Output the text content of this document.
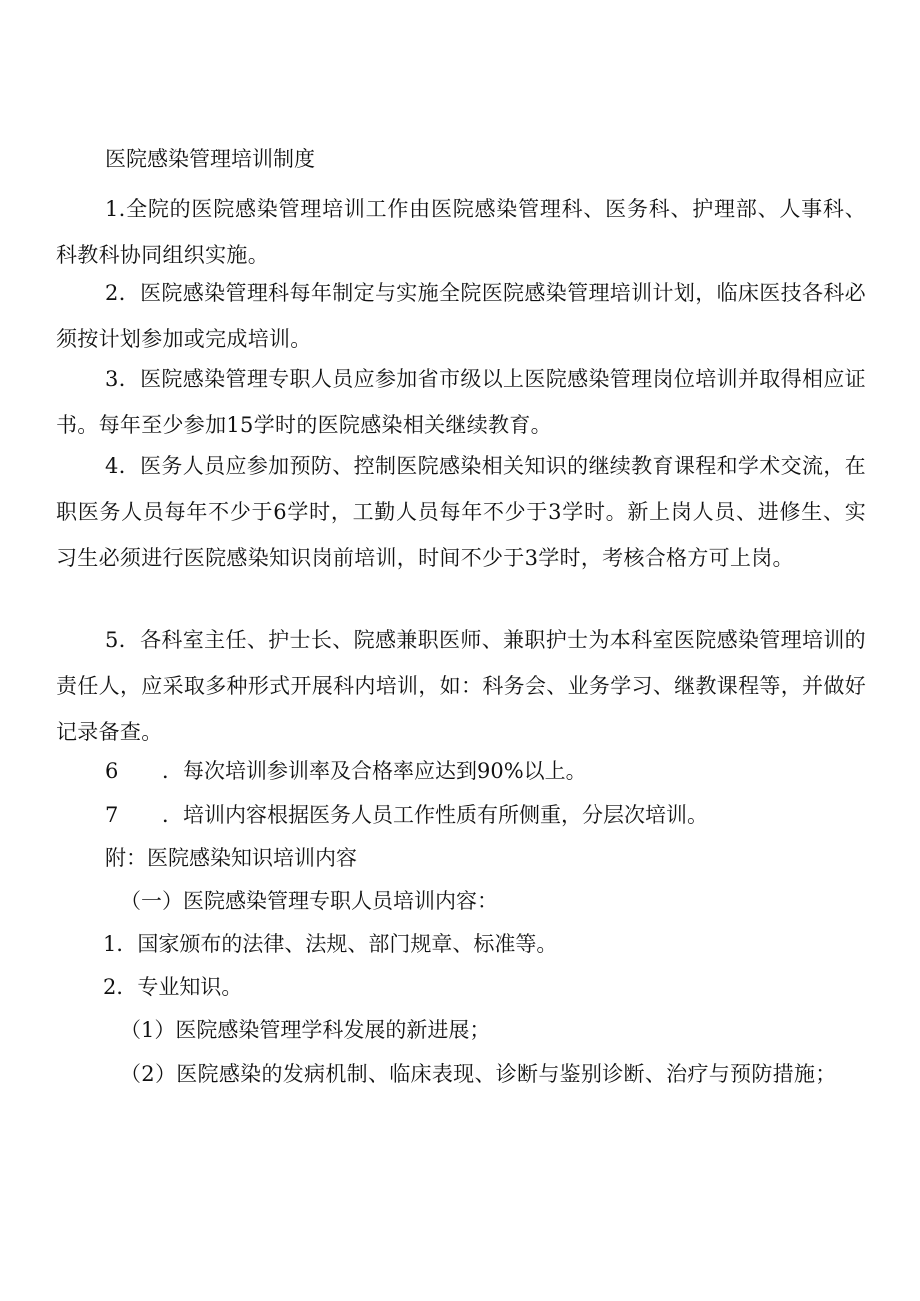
医院感染管理培训制度
1.全院的医院感染管理培训工作由医院感染管理科、医务科、护理部、人事科、科教科协同组织实施。
2．医院感染管理科每年制定与实施全院医院感染管理培训计划，临床医技各科必须按计划参加或完成培训。
3．医院感染管理专职人员应参加省市级以上医院感染管理岗位培训并取得相应证书。每年至少参加15学时的医院感染相关继续教育。
4．医务人员应参加预防、控制医院感染相关知识的继续教育课程和学术交流，在职医务人员每年不少于6学时，工勤人员每年不少于3学时。新上岗人员、进修生、实习生必须进行医院感染知识岗前培训，时间不少于3学时，考核合格方可上岗。
5．各科室主任、护士长、院感兼职医师、兼职护士为本科室医院感染管理培训的责任人，应采取多种形式开展科内培训，如：科务会、业务学习、继教课程等，并做好记录备查。
6 ．每次培训参训率及合格率应达到90%以上。
7 ．培训内容根据医务人员工作性质有所侧重，分层次培训。
附：医院感染知识培训内容
（一）医院感染管理专职人员培训内容：
1．国家颁布的法律、法规、部门规章、标准等。
2．专业知识。
（1）医院感染管理学科发展的新进展；
（2）医院感染的发病机制、临床表现、诊断与鉴别诊断、治疗与预防措施；
